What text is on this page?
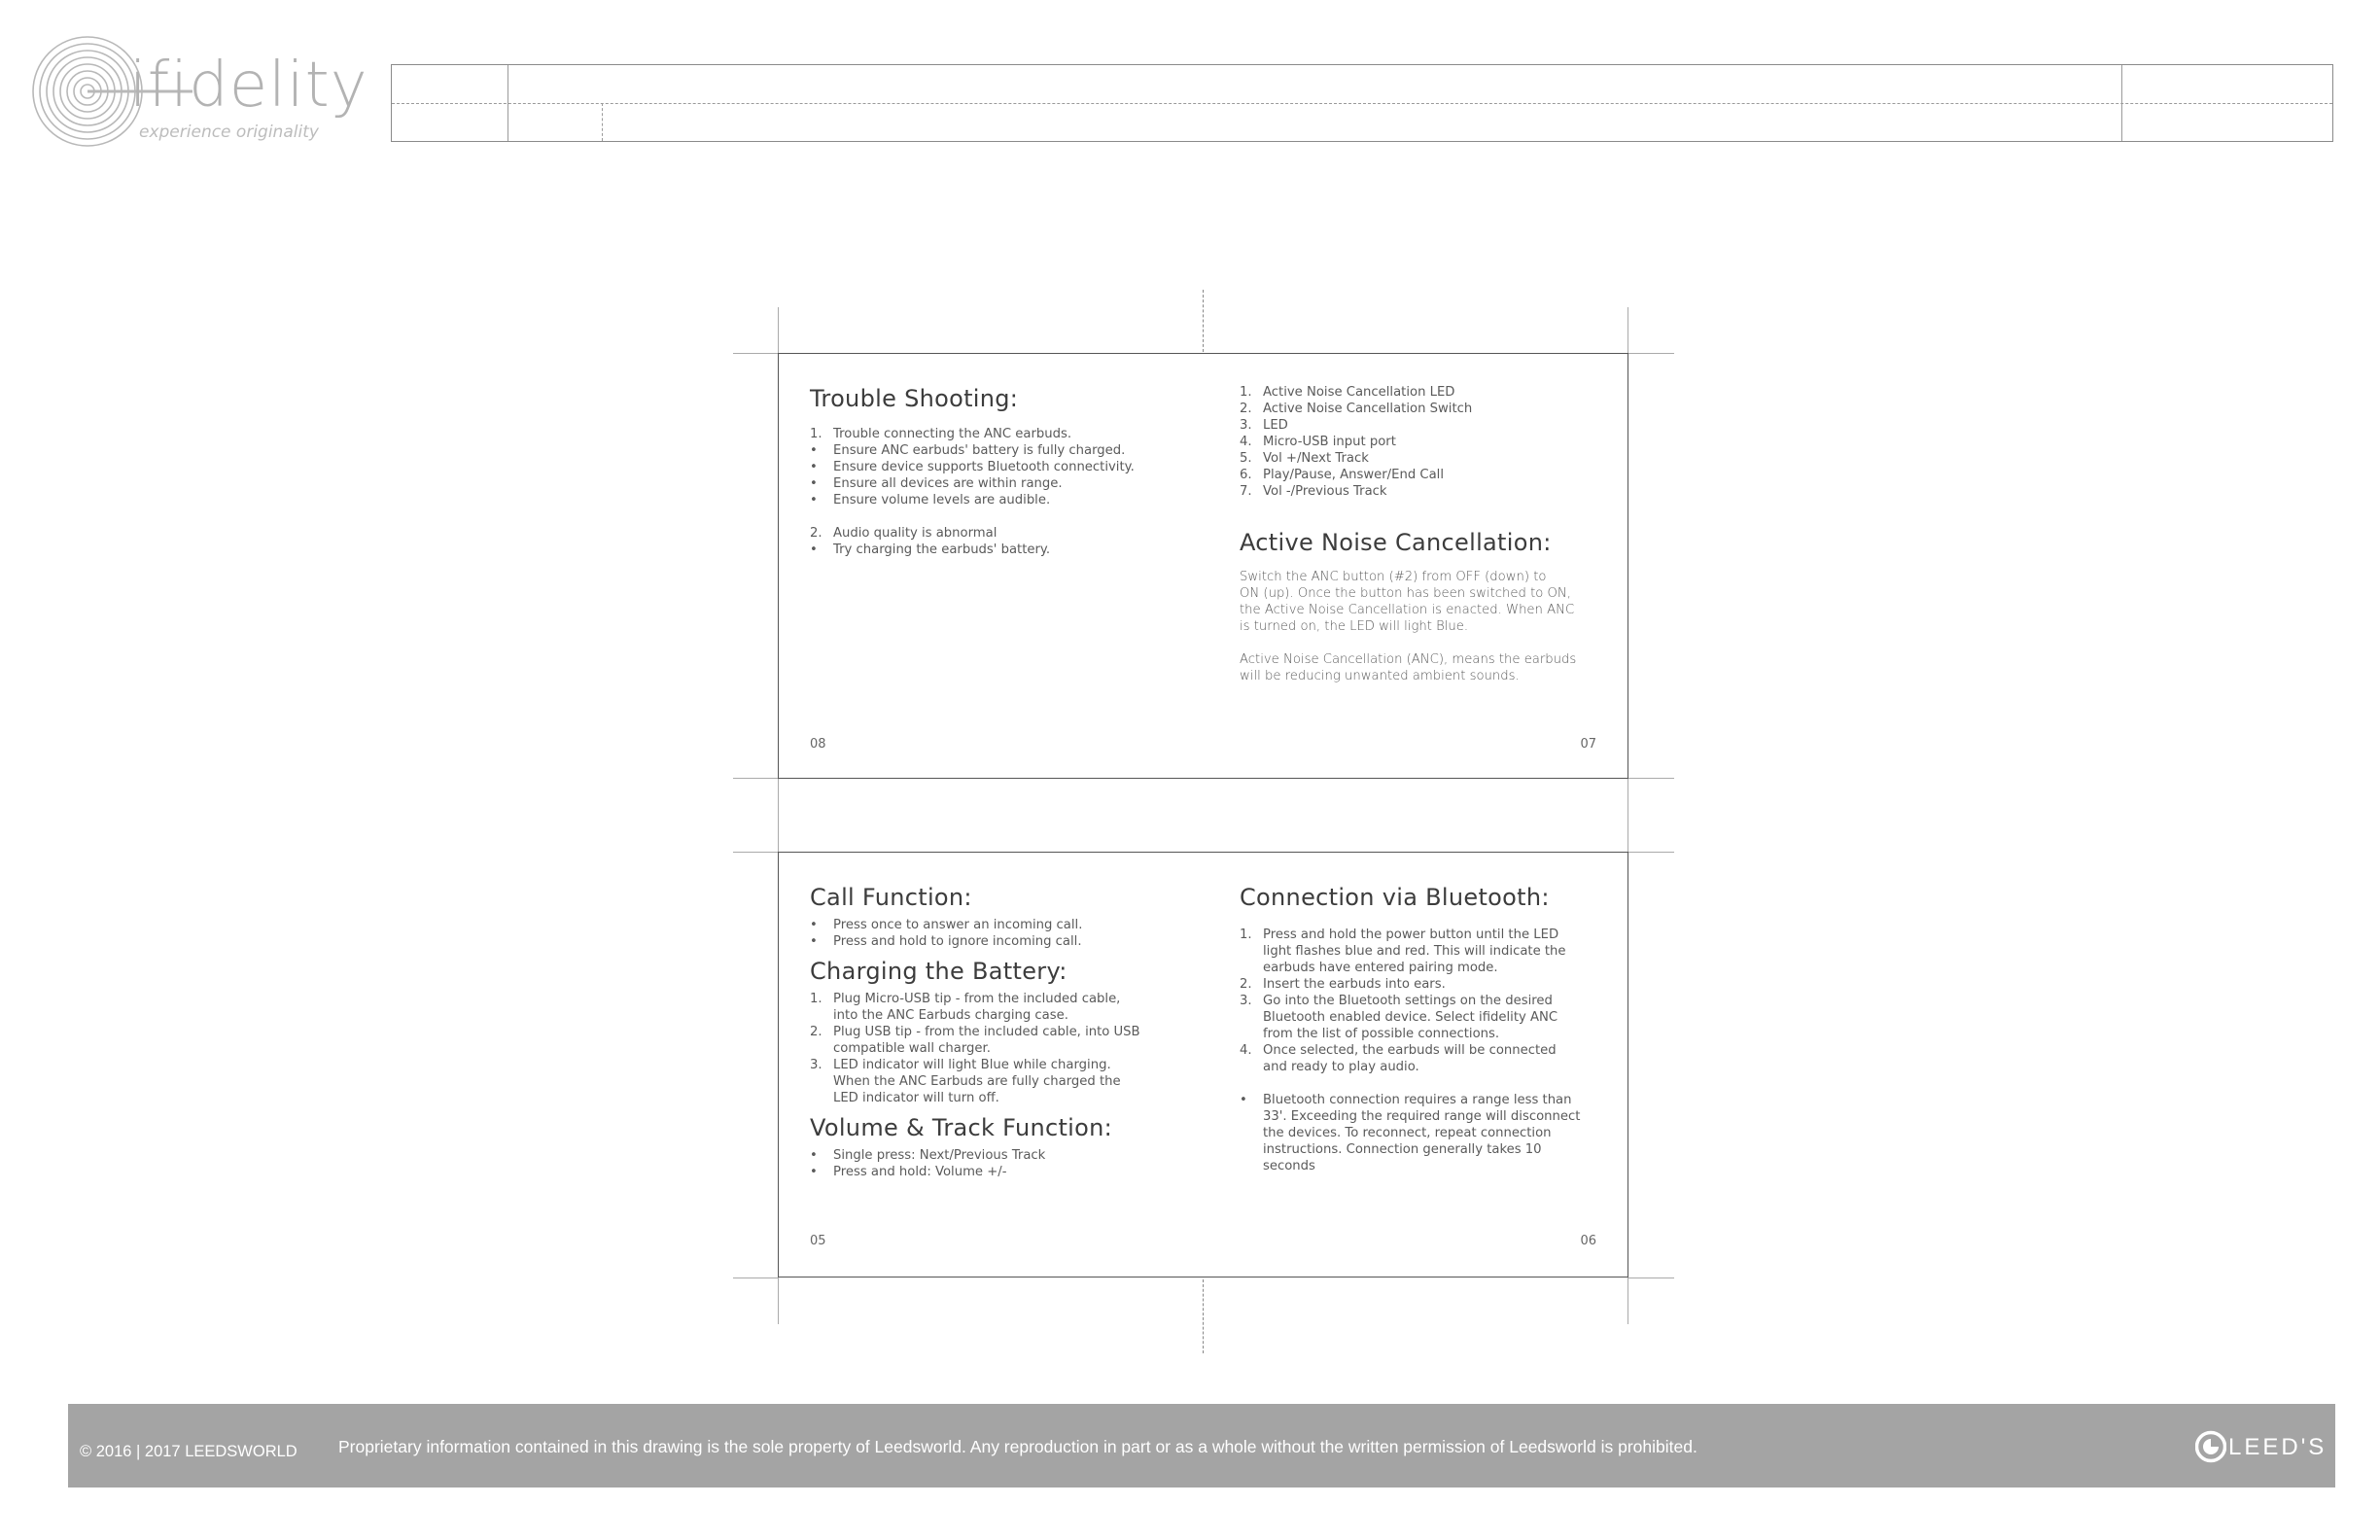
ifidelity
experience originality
Trouble Shooting:
1. Trouble connecting the ANC earbuds.
•	Ensure ANC earbuds' battery is fully charged.
•	Ensure device supports Bluetooth connectivity.
•	Ensure all devices are within range.
•	Ensure volume levels are audible.
2. Audio quality is abnormal
•	Try charging the earbuds' battery.
08
1. Active Noise Cancellation LED
2. Active Noise Cancellation Switch
3. LED
4. Micro-USB input port
5. Vol +/Next Track
6. Play/Pause, Answer/End Call
7. Vol -/Previous Track
Active Noise Cancellation:
Switch the ANC button (#2) from OFF (down) to
ON (up). Once the button has been switched to ON,
the Active Noise Cancellation is enacted. When ANC
is turned on, the LED will light Blue.
Active Noise Cancellation (ANC), means the earbuds
will be reducing unwanted ambient sounds.
07
Call Function:
•	Press once to answer an incoming call.
•	Press and hold to ignore incoming call.
Charging the Battery:
1. Plug Micro-USB tip - from the included cable,
into the ANC Earbuds charging case.
2. Plug USB tip - from the included cable, into USB
compatible wall charger.
3. LED indicator will light Blue while charging.
When the ANC Earbuds are fully charged the
LED indicator will turn off.
Volume & Track Function:
•	Single press: Next/Previous Track
•	Press and hold: Volume +/-
05
Connection via Bluetooth:
1. Press and hold the power button until the LED
light flashes blue and red. This will indicate the
earbuds have entered pairing mode.
2. Insert the earbuds into ears.
3. Go into the Bluetooth settings on the desired
Bluetooth enabled device. Select ifidelity ANC
from the list of possible connections.
4. Once selected, the earbuds will be connected
and ready to play audio.
•	Bluetooth connection requires a range less than
33'. Exceeding the required range will disconnect
the devices. To reconnect, repeat connection
instructions. Connection generally takes 10
seconds
06
© 2016 | 2017 LEEDSWORLD Proprietary information contained in this drawing is the sole property of Leedsworld. Any reproduction in part or as a whole without the written permission of Leedsworld is prohibited.	LEED'S
